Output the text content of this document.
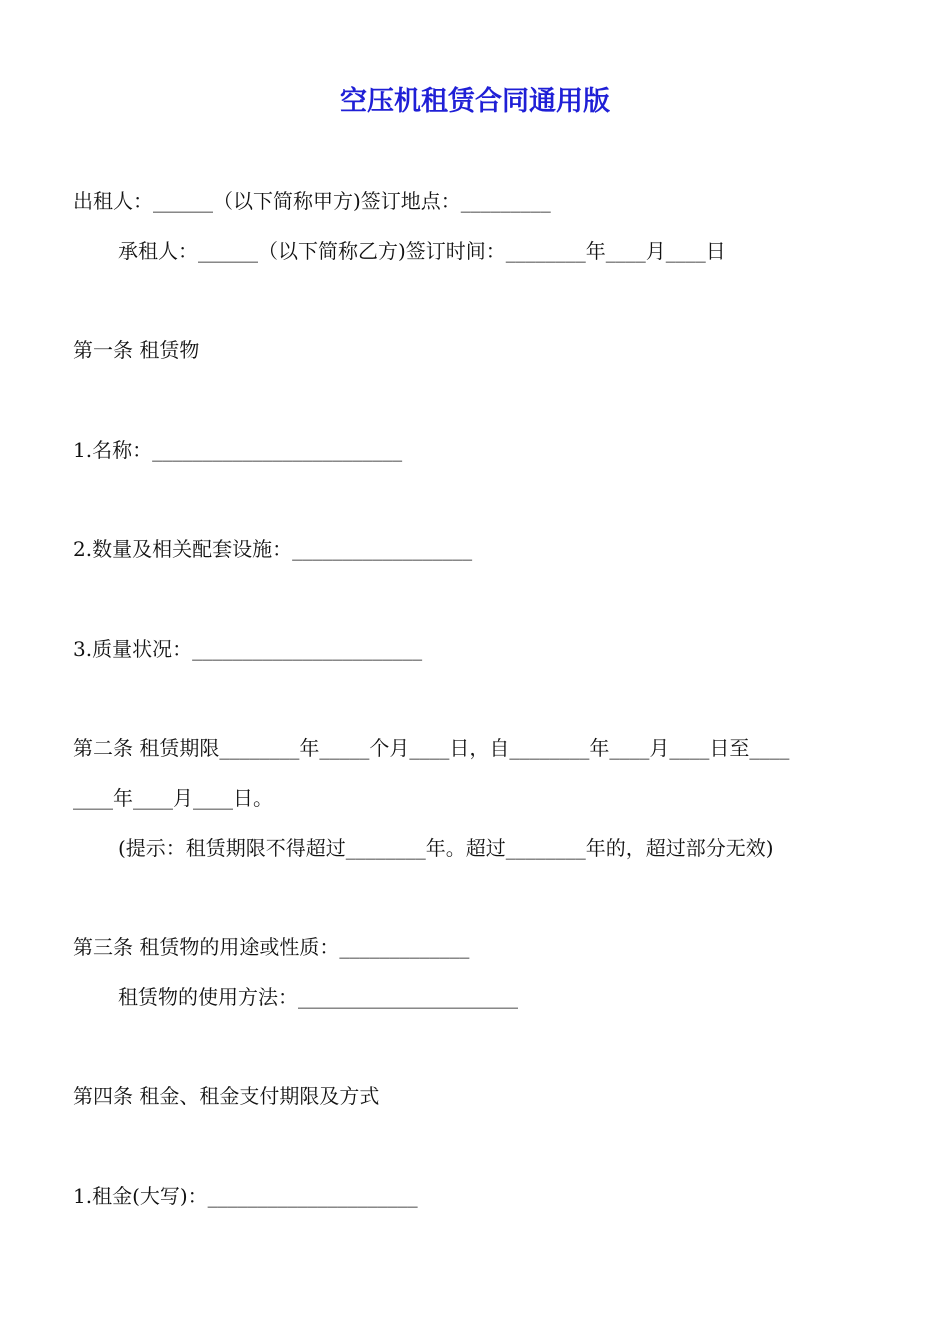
空压机租赁合同通用版

出租人：______（以下简称甲方)签订地点：_________

承租人：______（以下简称乙方)签订时间：________年____月____日

第一条 租赁物

1.名称：_________________________

2.数量及相关配套设施：__________________

3.质量状况：_______________________

第二条 租赁期限________年_____个月____日，自________年____月____日至____

____年____月____日。

(提示：租赁期限不得超过________年。超过________年的，超过部分无效)

第三条 租赁物的用途或性质：_____________

租赁物的使用方法：______________________

第四条 租金、租金支付期限及方式

1.租金(大写)：_____________________
